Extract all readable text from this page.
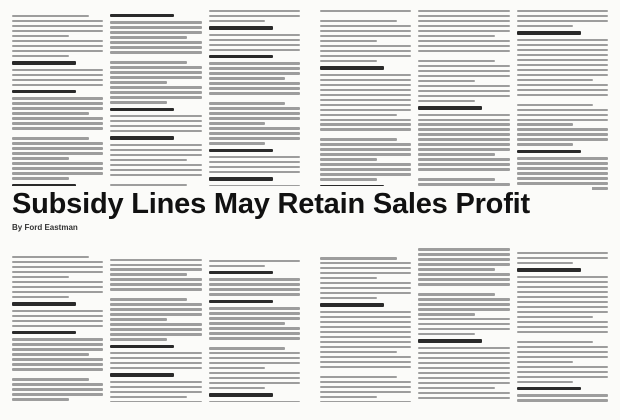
Subsidy Lines May Retain Sales Profit
By Ford Eastman
